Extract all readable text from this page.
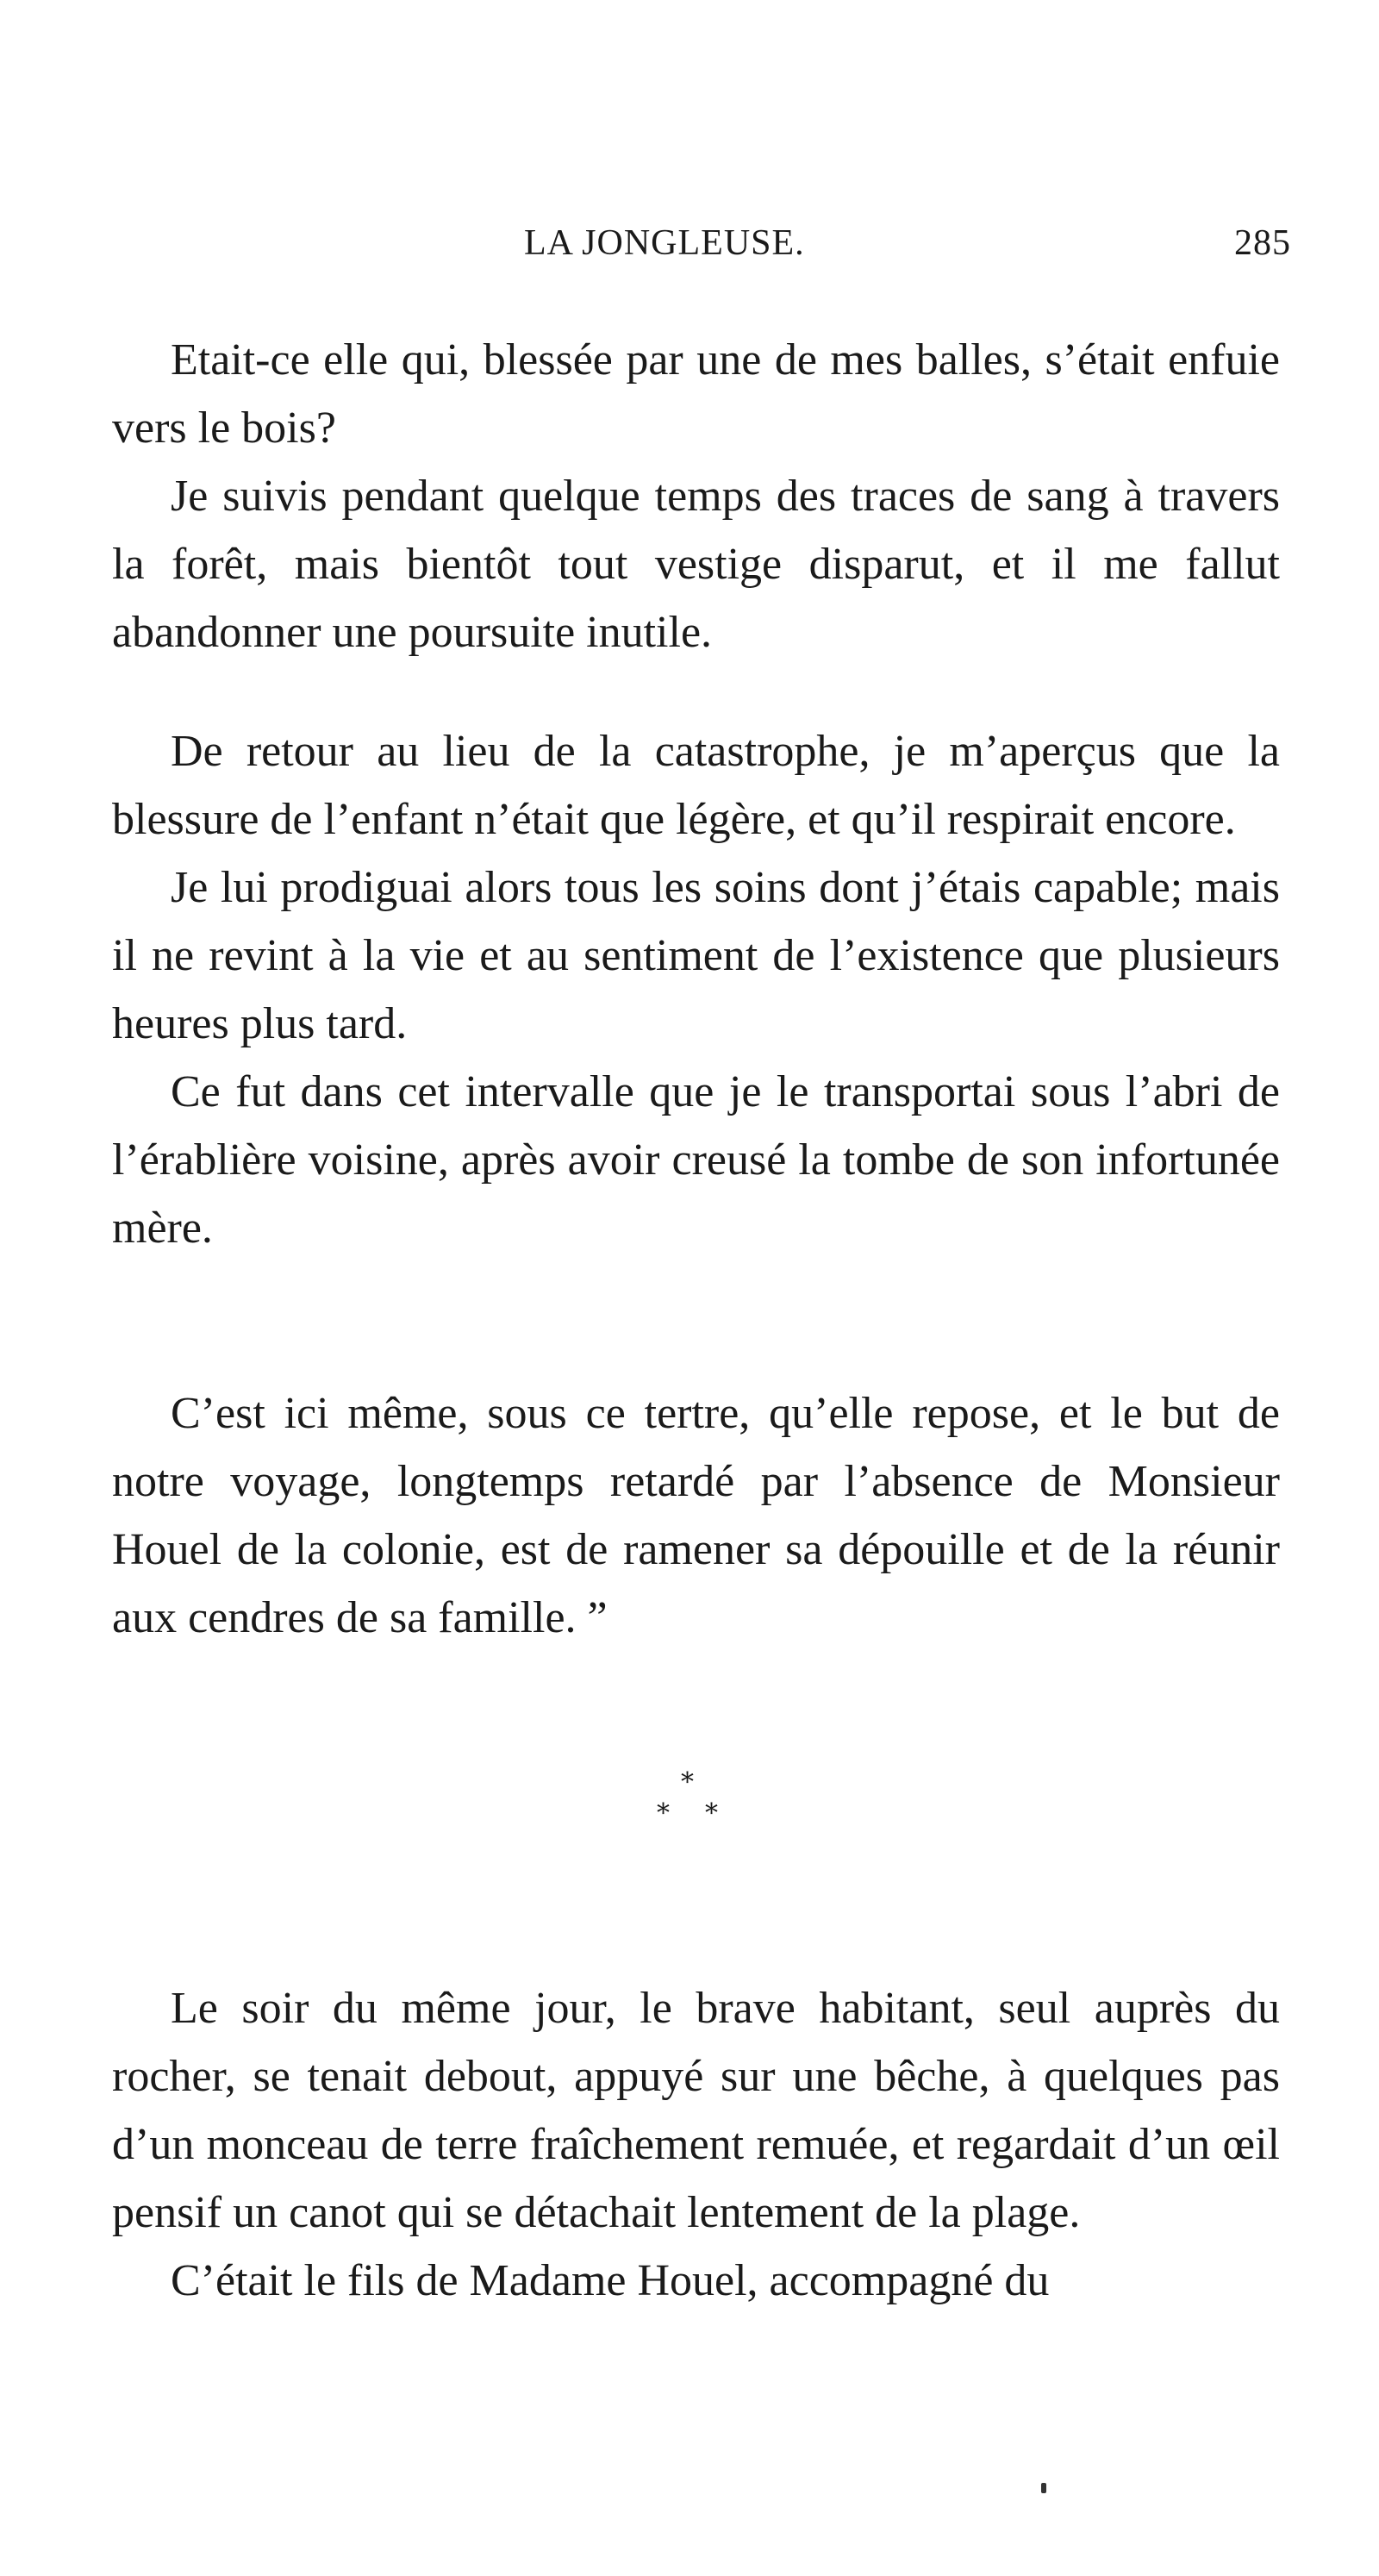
LA JONGLEUSE.	285

Etait-ce elle qui, blessée par une de mes balles, s’était enfuie vers le bois?

Je suivis pendant quelque temps des traces de sang à travers la forêt, mais bientôt tout vestige disparut, et il me fallut abandonner une poursuite inutile.

De retour au lieu de la catastrophe, je m’aperçus que la blessure de l’enfant n’était que légère, et qu’il respirait encore.

Je lui prodiguai alors tous les soins dont j’étais capable; mais il ne revint à la vie et au sentiment de l’existence que plusieurs heures plus tard.

Ce fut dans cet intervalle que je le transportai sous l’abri de l’érablière voisine, après avoir creusé la tombe de son infortunée mère.

C’est ici même, sous ce tertre, qu’elle repose, et le but de notre voyage, longtemps retardé par l’absence de Monsieur Houel de la colonie, est de ramener sa dépouille et de la réunir aux cendres de sa famille. ”

*
* *

Le soir du même jour, le brave habitant, seul auprès du rocher, se tenait debout, appuyé sur une bêche, à quelques pas d’un monceau de terre fraîchement remuée, et regardait d’un œil pensif un canot qui se détachait lentement de la plage.

C’était le fils de Madame Houel, accompagné du
